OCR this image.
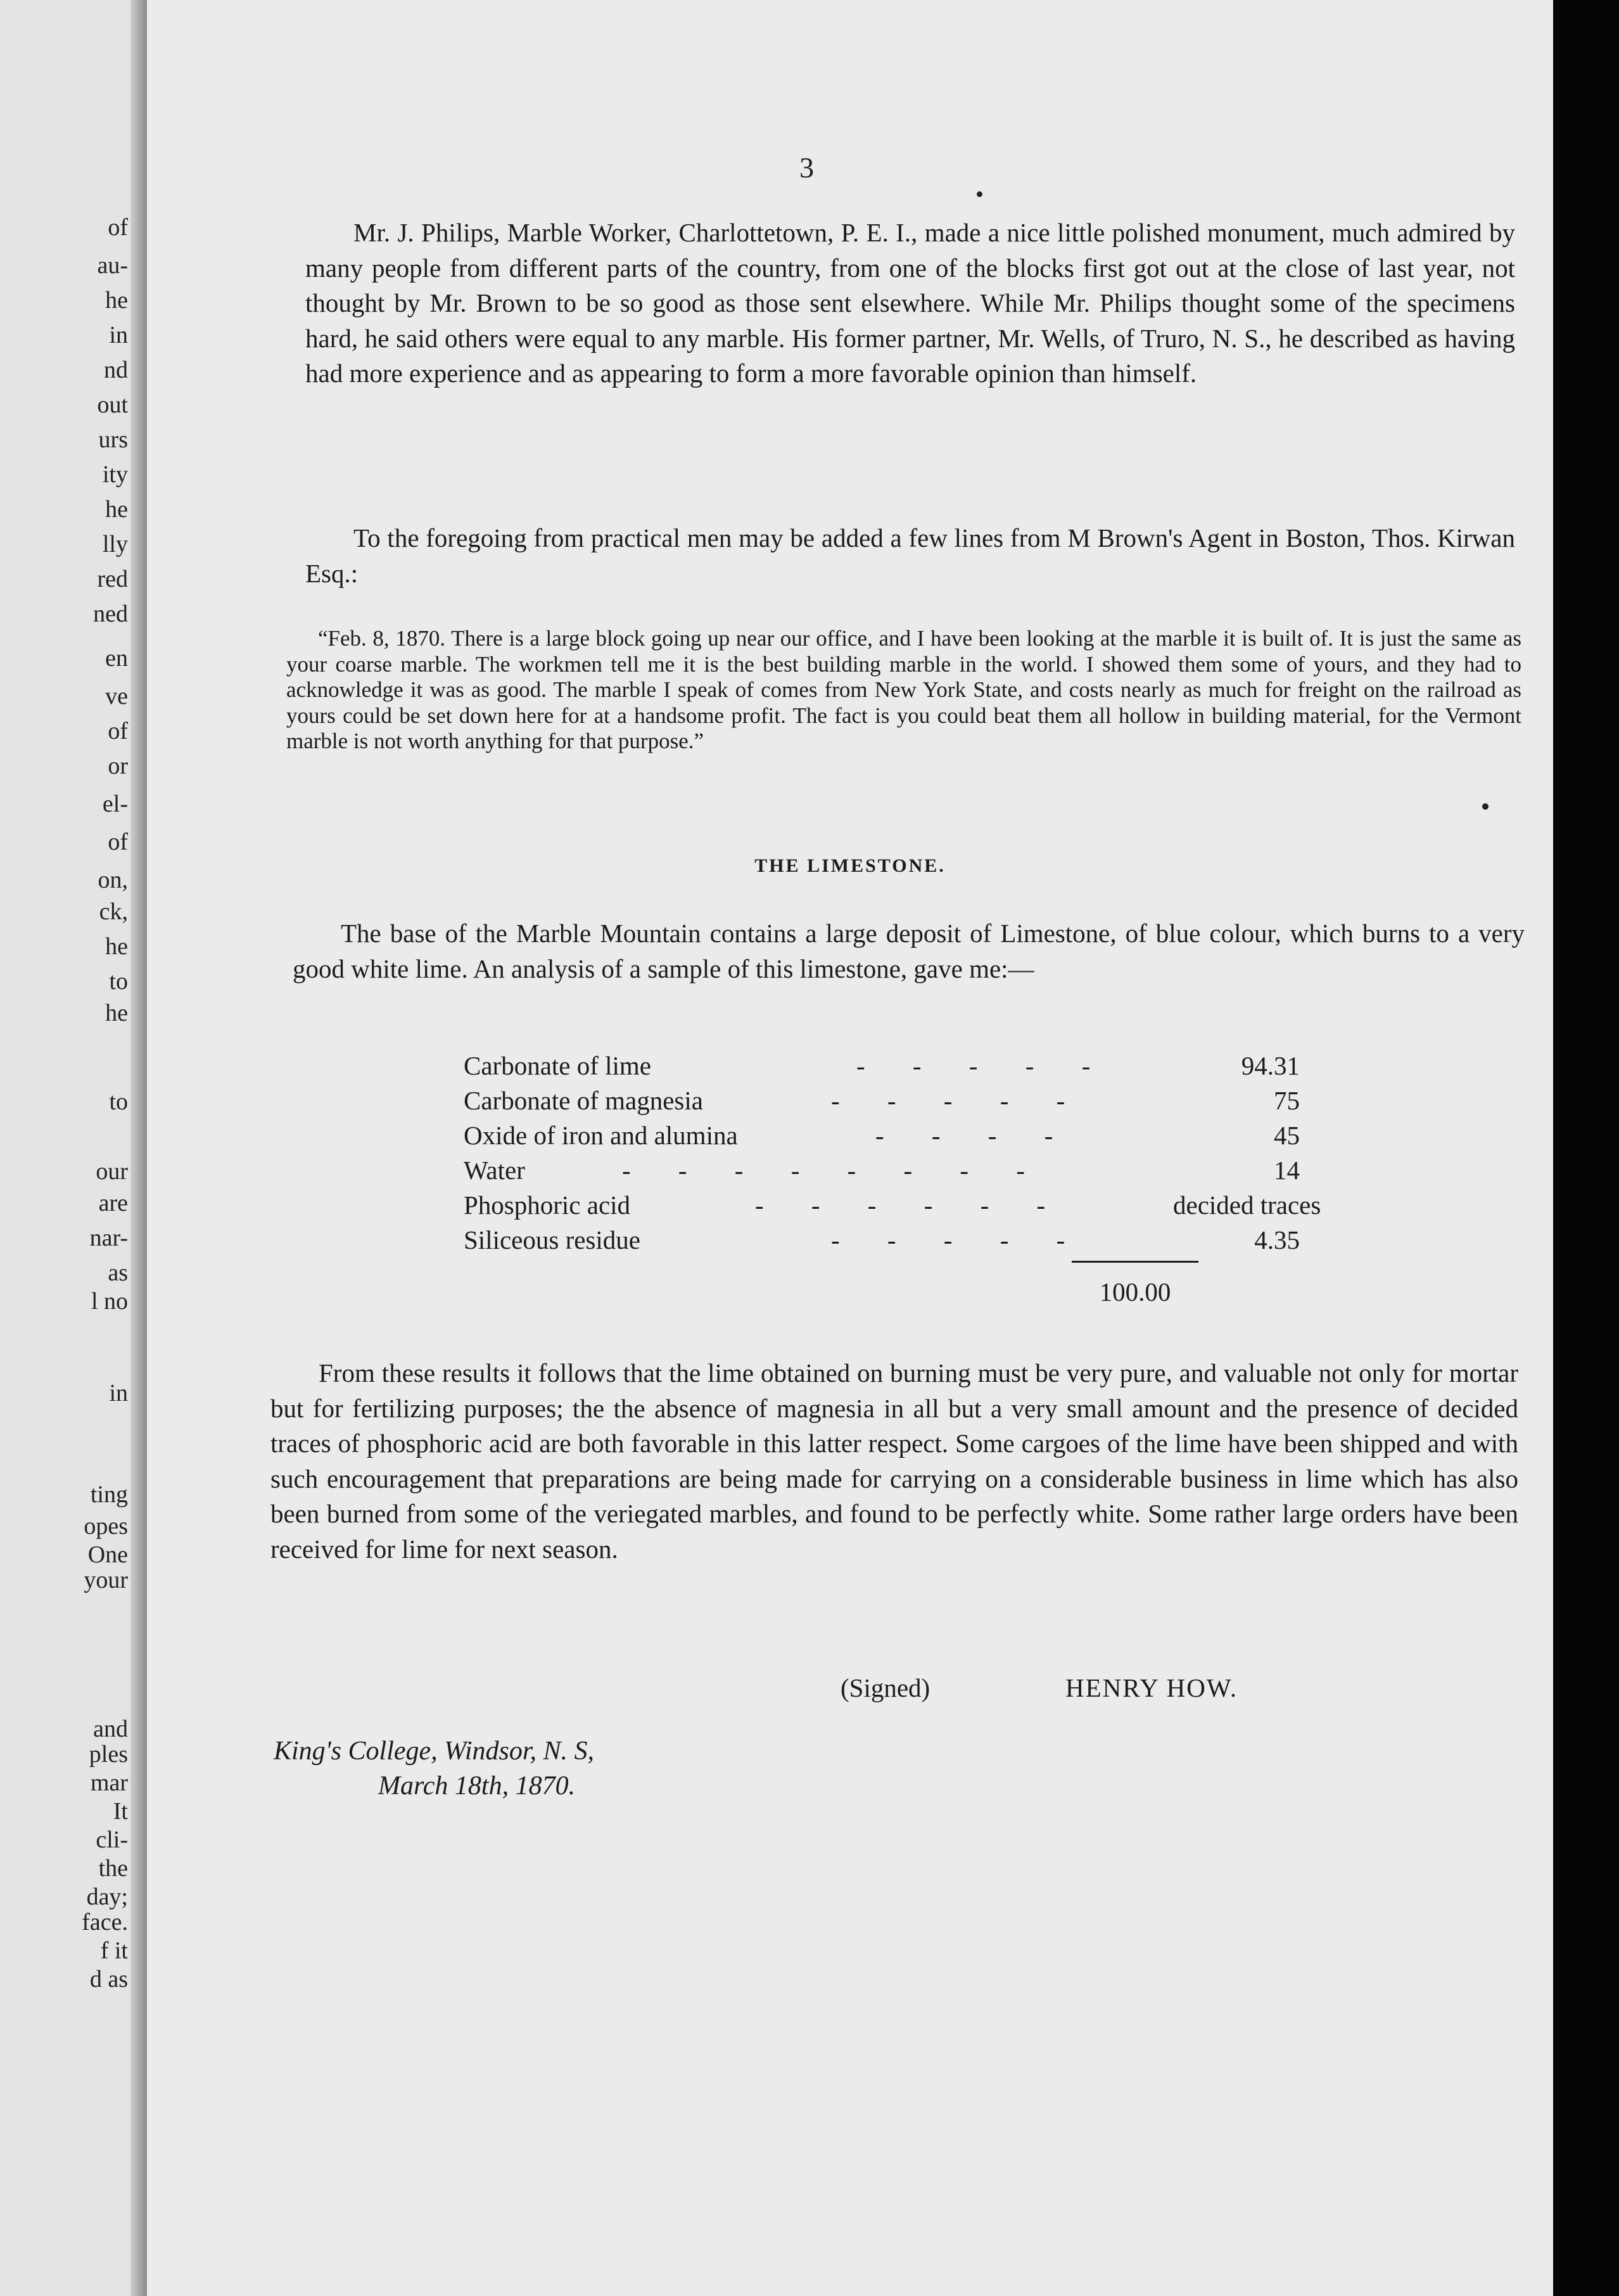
of
au-
he
in
nd
out
urs
ity
he
lly
red
ned
en
ve
of
or
el-
of
on,
ck,
he
to
he
to
our
are
nar-
as
l no
in
ting
opes
One
your
and
ples
mar
It
cli-
the
day;
face.
f it
d as
3

Mr. J. Philips, Marble Worker, Charlottetown, P. E. I., made a nice little polished monument, much admired by many people from different parts of the country, from one of the blocks first got out at the close of last year, not thought by Mr. Brown to be so good as those sent elsewhere. While Mr. Philips thought some of the specimens hard, he said others were equal to any marble. His former partner, Mr. Wells, of Truro, N. S., he described as having had more experience and as appearing to form a more favorable opinion than himself.

To the foregoing from practical men may be added a few lines from M Brown's Agent in Boston, Thos. Kirwan Esq.:

“Feb. 8, 1870. There is a large block going up near our office, and I have been looking at the marble it is built of. It is just the same as your coarse marble. The workmen tell me it is the best building marble in the world. I showed them some of yours, and they had to acknowledge it was as good. The marble I speak of comes from New York State, and costs nearly as much for freight on the railroad as yours could be set down here for at a handsome profit. The fact is you could beat them all hollow in building material, for the Vermont marble is not worth anything for that purpose.”

THE LIMESTONE.

The base of the Marble Mountain contains a large deposit of Limestone, of blue colour, which burns to a very good white lime. An analysis of a sample of this limestone, gave me:—

Carbonate of lime	-     -     -     -     -	94.31
Carbonate of magnesia	-     -     -     -     -	75
Oxide of iron and alumina	-     -     -     -	45
Water	-     -     -     -     -     -     -     -	14
Phosphoric acid	-     -     -     -     -     -	decided traces
Siliceous residue	-     -     -     -     -	4.35
100.00

From these results it follows that the lime obtained on burning must be very pure, and valuable not only for mortar but for fertilizing purposes; the the absence of magnesia in all but a very small amount and the presence of decided traces of phosphoric acid are both favorable in this latter respect. Some cargoes of the lime have been shipped and with such encouragement that preparations are being made for carrying on a considerable business in lime which has also been burned from some of the veriegated marbles, and found to be perfectly white. Some rather large orders have been received for lime for next season.

(Signed)	HENRY HOW.
King's College, Windsor, N. S,
March 18th, 1870.
